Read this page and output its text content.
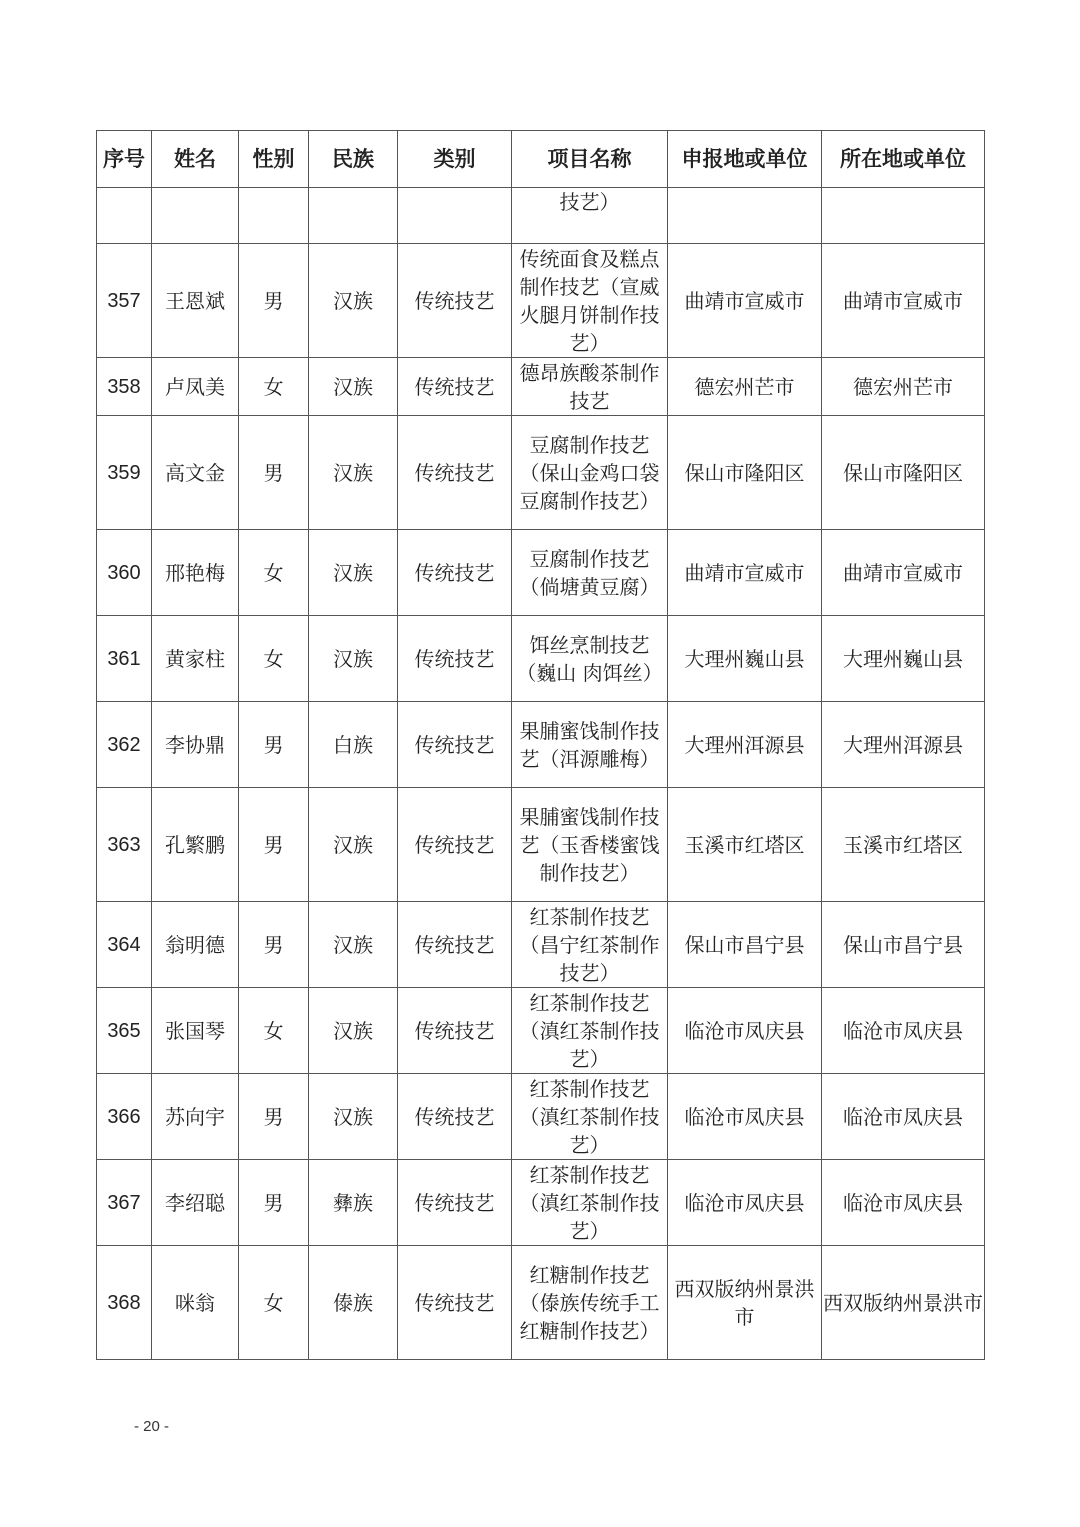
序号	姓名	性别	民族	类别	项目名称	申报地或单位	所在地或单位
					技艺）		
357	王恩斌	男	汉族	传统技艺	传统面食及糕点制作技艺（宣威火腿月饼制作技艺）	曲靖市宣威市	曲靖市宣威市
358	卢凤美	女	汉族	传统技艺	德昂族酸茶制作技艺	德宏州芒市	德宏州芒市
359	高文金	男	汉族	传统技艺	豆腐制作技艺（保山金鸡口袋豆腐制作技艺）	保山市隆阳区	保山市隆阳区
360	邢艳梅	女	汉族	传统技艺	豆腐制作技艺（倘塘黄豆腐）	曲靖市宣威市	曲靖市宣威市
361	黄家柱	女	汉族	传统技艺	饵丝烹制技艺（巍山 肉饵丝）	大理州巍山县	大理州巍山县
362	李协鼎	男	白族	传统技艺	果脯蜜饯制作技艺（洱源雕梅）	大理州洱源县	大理州洱源县
363	孔繁鹏	男	汉族	传统技艺	果脯蜜饯制作技艺（玉香楼蜜饯制作技艺）	玉溪市红塔区	玉溪市红塔区
364	翁明德	男	汉族	传统技艺	红茶制作技艺（昌宁红茶制作技艺）	保山市昌宁县	保山市昌宁县
365	张国琴	女	汉族	传统技艺	红茶制作技艺（滇红茶制作技艺）	临沧市凤庆县	临沧市凤庆县
366	苏向宇	男	汉族	传统技艺	红茶制作技艺（滇红茶制作技艺）	临沧市凤庆县	临沧市凤庆县
367	李绍聪	男	彝族	传统技艺	红茶制作技艺（滇红茶制作技艺）	临沧市凤庆县	临沧市凤庆县
368	咪翁	女	傣族	传统技艺	红糖制作技艺（傣族传统手工红糖制作技艺）	西双版纳州景洪市	西双版纳州景洪市
- 20 -
